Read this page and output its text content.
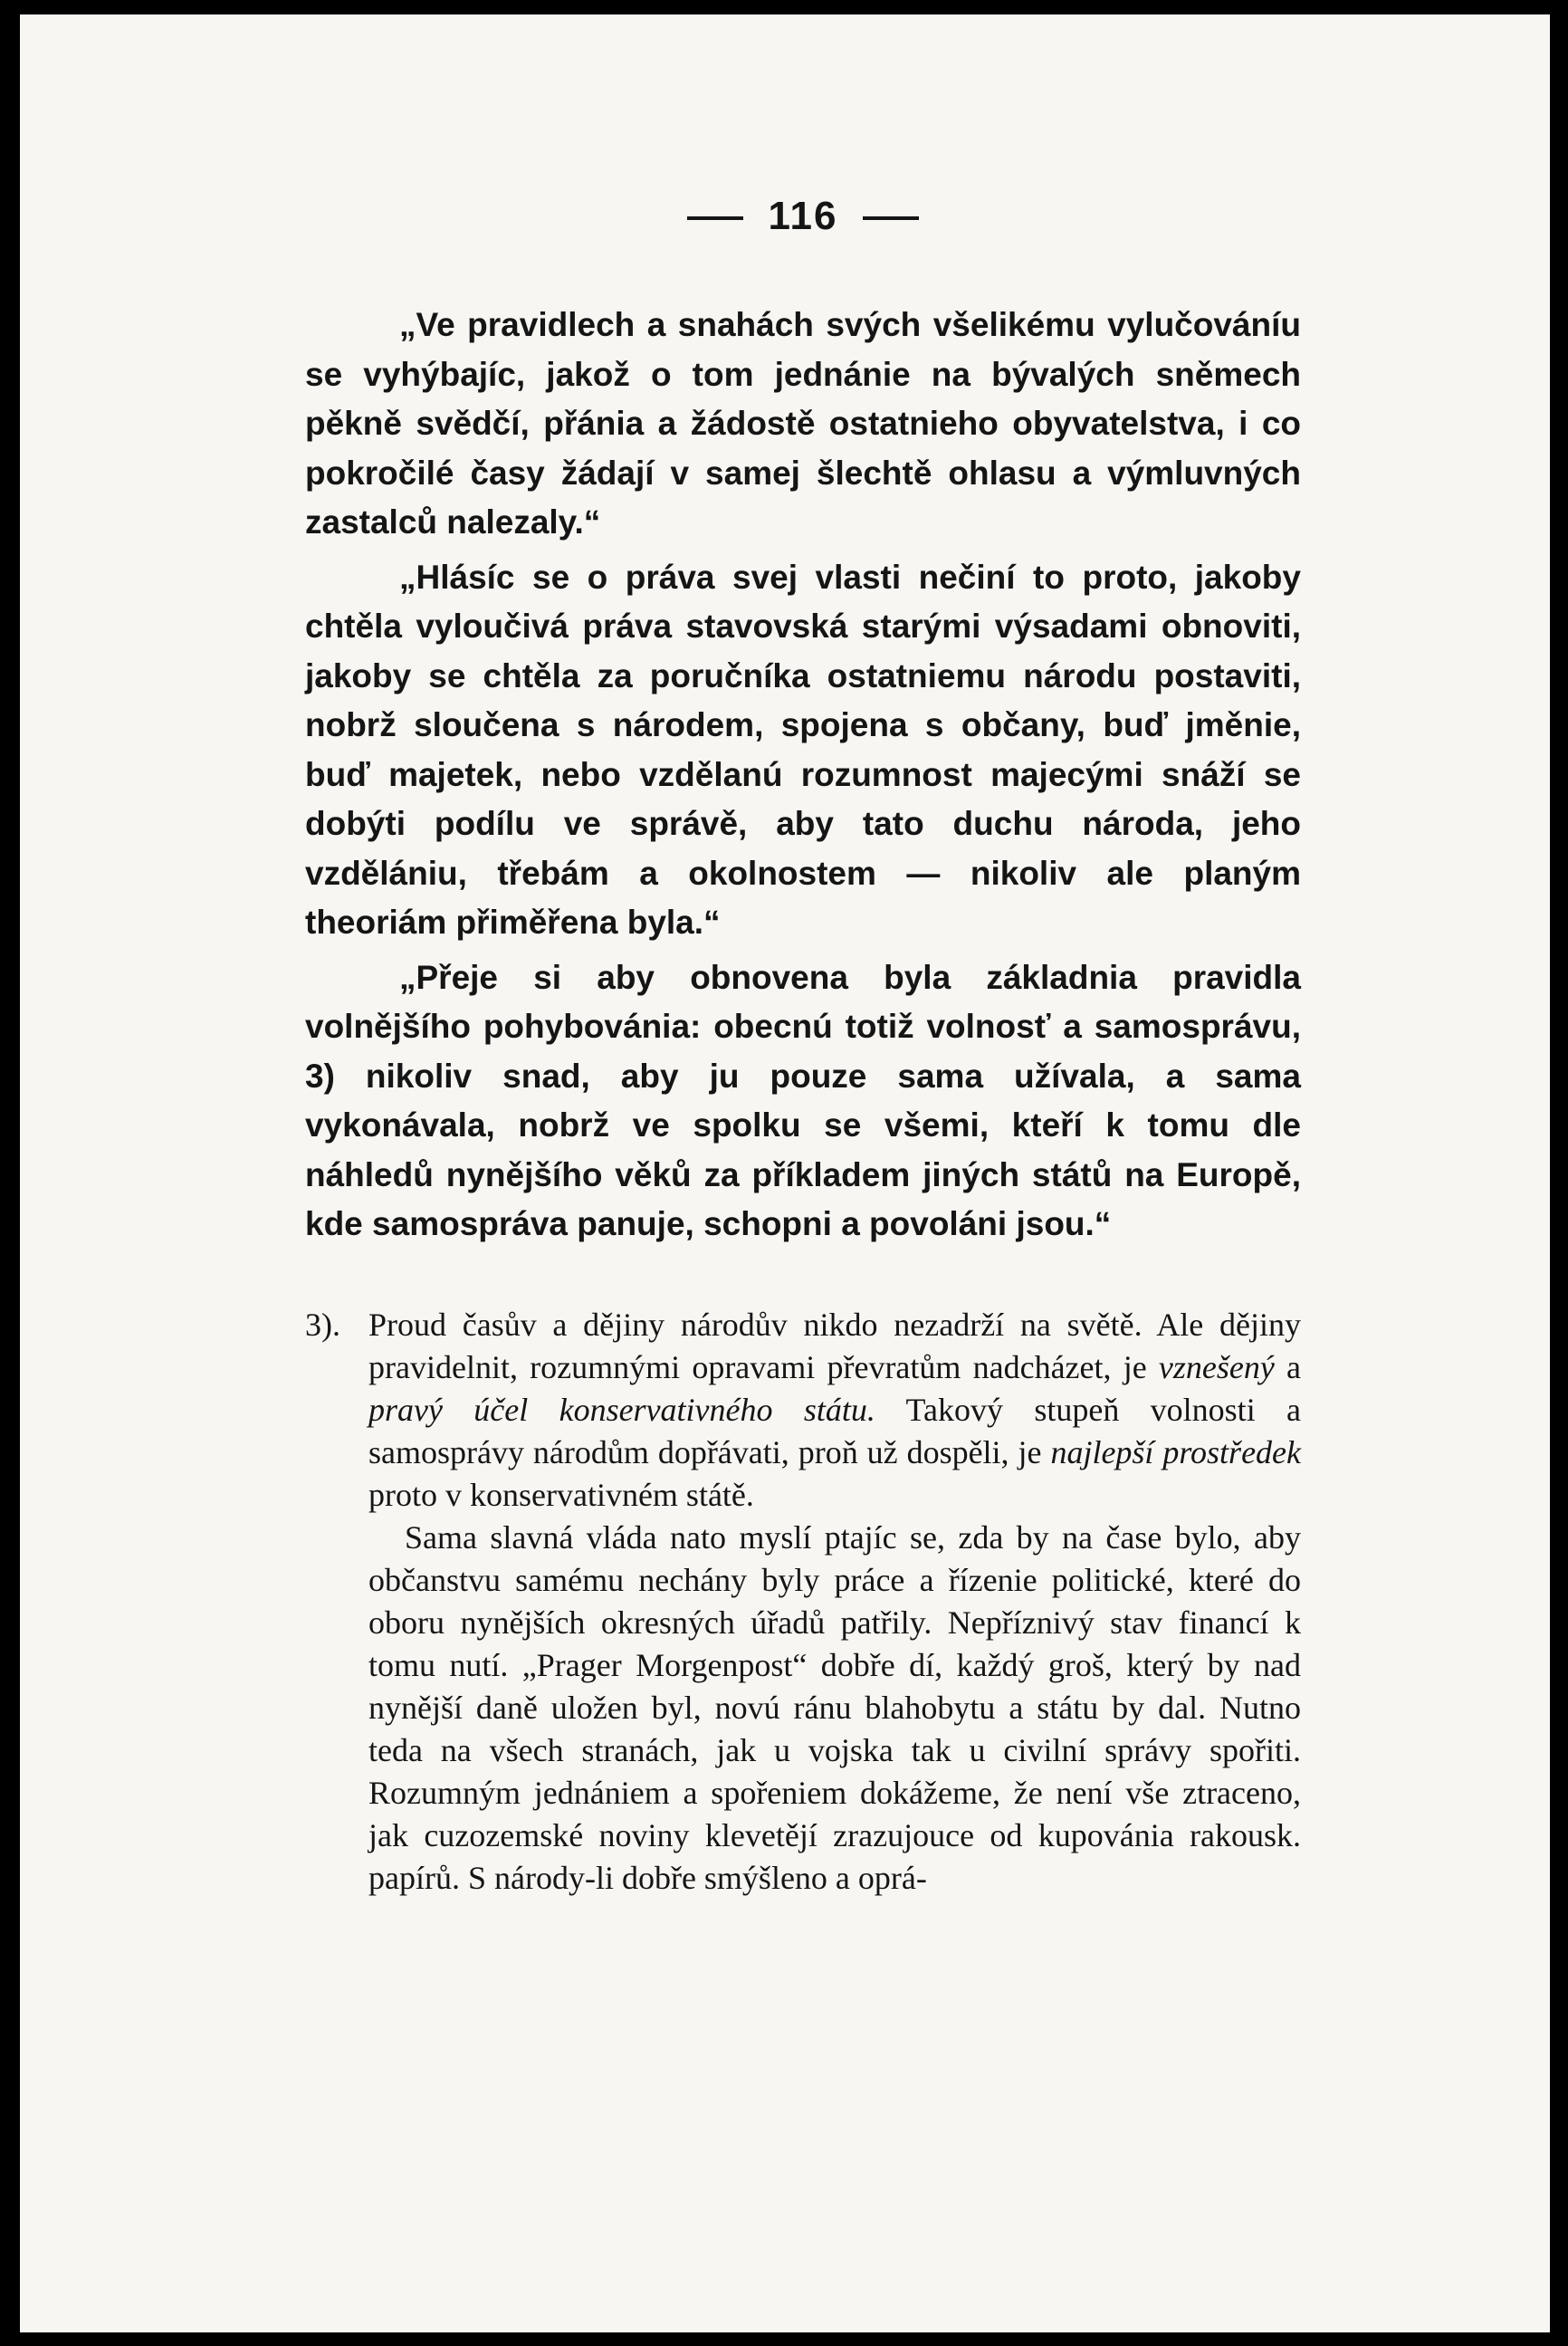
116

„Ve pravidlech a snahách svých všelikému vylučováníu se vyhýbajíc, jakož o tom jednánie na bývalých sněmech pěkně svědčí, přánia a žádostě ostatnieho obyvatelstva, i co pokročilé časy žádají v samej šlechtě ohlasu a výmluvných zastalců nalezaly.“

„Hlásíc se o práva svej vlasti nečiní to proto, jakoby chtěla vyloučivá práva stavovská starými výsadami obnoviti, jakoby se chtěla za poručníka ostatniemu národu postaviti, nobrž sloučena s národem, spojena s občany, buď jměnie, buď majetek, nebo vzdělanú rozumnost majecými snáží se dobýti podílu ve správě, aby tato duchu národa, jeho vzdělániu, třebám a okolnostem — nikoliv ale planým theoriám přiměřena byla.“

„Přeje si aby obnovena byla základnia pravidla volnějšího pohybovánia: obecnú totiž volnosť a samosprávu, 3) nikoliv snad, aby ju pouze sama užívala, a sama vykonávala, nobrž ve spolku se všemi, kteří k tomu dle náhledů nynějšího věků za příkladem jiných států na Europě, kde samospráva panuje, schopni a povoláni jsou.“

3). Proud časův a dějiny národův nikdo nezadrží na světě. Ale dějiny pravidelnit, rozumnými opravami převratům nadcházet, je vznešený a pravý účel konservativného státu. Takový stupeň volnosti a samosprávy národům dopřávati, proň už dospěli, je najlepší prostředek proto v konservativném státě.

Sama slavná vláda nato myslí ptajíc se, zda by na čase bylo, aby občanstvu samému nechány byly práce a řízenie politické, které do oboru nynějších okresných úřadů patřily. Nepříznivý stav financí k tomu nutí. „Prager Morgenpost“ dobře dí, každý groš, který by nad nynější daně uložen byl, novú ránu blahobytu a státu by dal. Nutno teda na všech stranách, jak u vojska tak u civilní správy spořiti. Rozumným jednániem a spořeniem dokážeme, že není vše ztraceno, jak cuzozemské noviny klevetějí zrazujouce od kupovánia rakousk. papírů. S národy-li dobře smýšleno a oprá-
